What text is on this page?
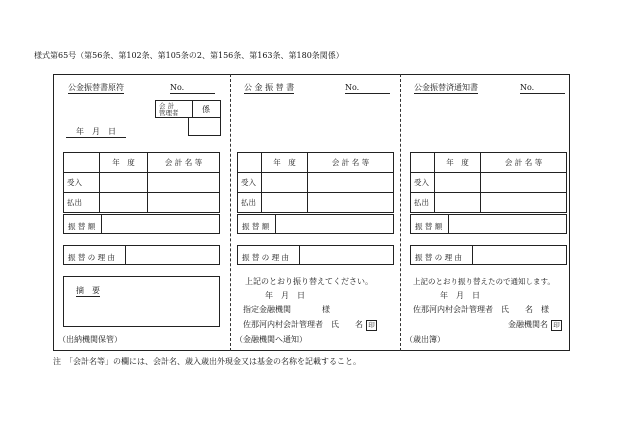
様式第65号（第56条、第102条、第105条の2、第156条、第163条、第180条関係）
公金振替書原符	No.
会 計
管理者	係
年　月　日
	年　度	会 計 名 等
受入		
払出		
振 替 額
振 替 の 理 由
摘　要
（出納機関保管）
公 金 振 替 書	No.
	年　度	会 計 名 等
受入		
払出		
振 替 額
振 替 の 理 由
上記のとおり振り替えてください。
年　月　日
指定金融機関	様
佐那河内村会計管理者　氏　　名 印
（金融機関へ通知）
公金振替済通知書	No.
	年　度	会 計 名 等
受入		
払出		
振 替 額
振 替 の 理 由
上記のとおり振り替えたので通知します。
年　月　日
佐那河内村会計管理者　氏　　名　様
金融機関名 印
（歳出簿）
注　「会計名等」の欄には、会計名、歳入歳出外現金又は基金の名称を記載すること。
